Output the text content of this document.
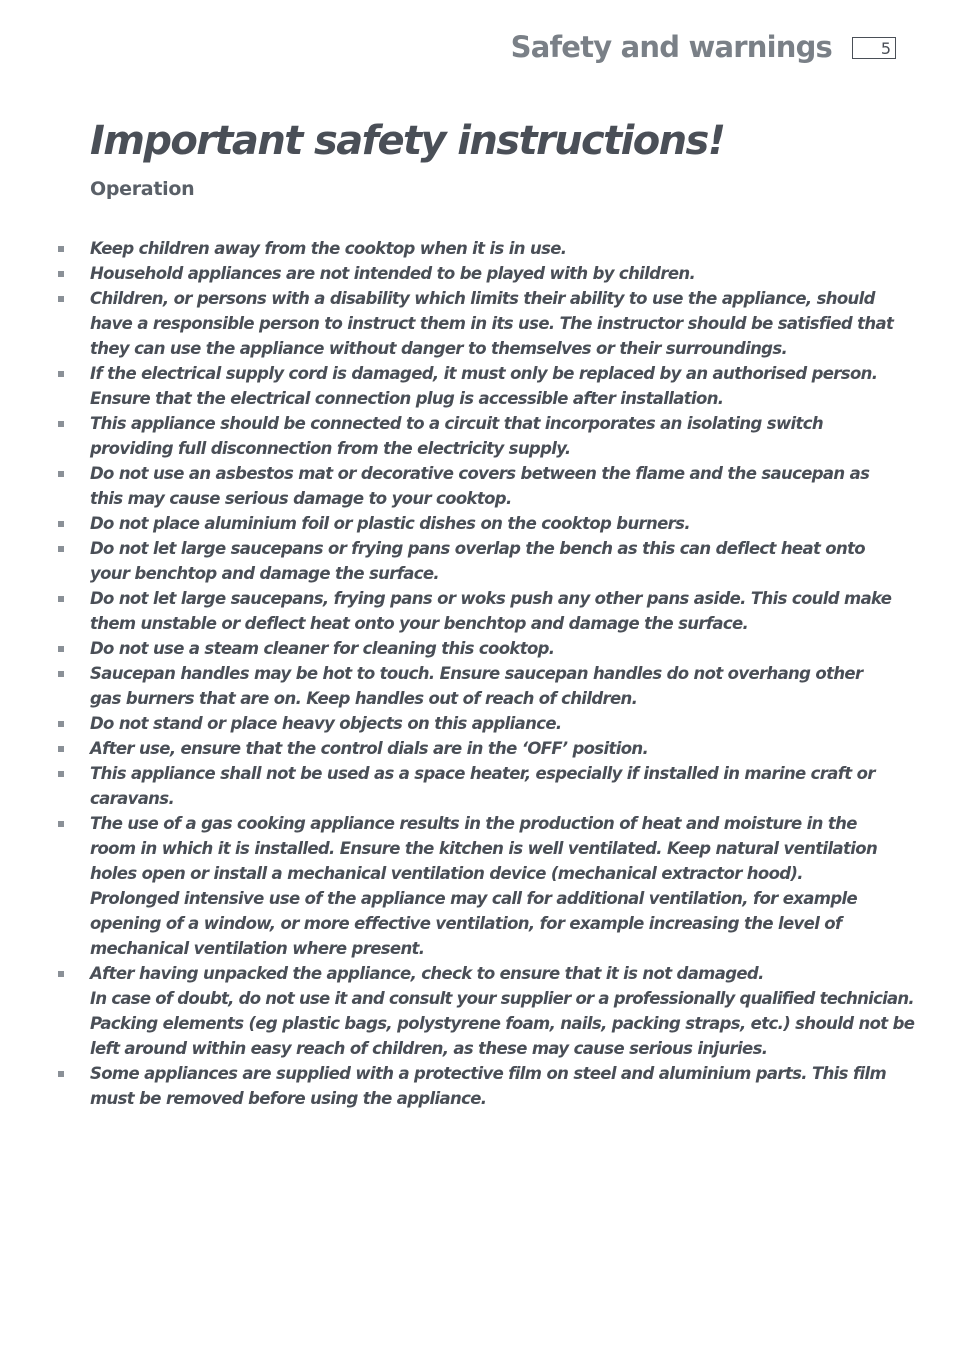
Safety and warnings	5
Important safety instructions!
Operation
Keep children away from the cooktop when it is in use.
Household appliances are not intended to be played with by children.
Children, or persons with a disability which limits their ability to use the appliance, should
have a responsible person to instruct them in its use. The instructor should be satisfied that
they can use the appliance without danger to themselves or their surroundings.
If the electrical supply cord is damaged, it must only be replaced by an authorised person.
Ensure that the electrical connection plug is accessible after installation.
This appliance should be connected to a circuit that incorporates an isolating switch
providing full disconnection from the electricity supply.
Do not use an asbestos mat or decorative covers between the flame and the saucepan as
this may cause serious damage to your cooktop.
Do not place aluminium foil or plastic dishes on the cooktop burners.
Do not let large saucepans or frying pans overlap the bench as this can deflect heat onto
your benchtop and damage the surface.
Do not let large saucepans, frying pans or woks push any other pans aside. This could make
them unstable or deflect heat onto your benchtop and damage the surface.
Do not use a steam cleaner for cleaning this cooktop.
Saucepan handles may be hot to touch. Ensure saucepan handles do not overhang other
gas burners that are on. Keep handles out of reach of children.
Do not stand or place heavy objects on this appliance.
After use, ensure that the control dials are in the ‘OFF’ position.
This appliance shall not be used as a space heater, especially if installed in marine craft or
caravans.
The use of a gas cooking appliance results in the production of heat and moisture in the
room in which it is installed. Ensure the kitchen is well ventilated. Keep natural ventilation
holes open or install a mechanical ventilation device (mechanical extractor hood).
Prolonged intensive use of the appliance may call for additional ventilation, for example
opening of a window, or more effective ventilation, for example increasing the level of
mechanical ventilation where present.
After having unpacked the appliance, check to ensure that it is not damaged.
In case of doubt, do not use it and consult your supplier or a professionally qualified technician.
Packing elements (eg plastic bags, polystyrene foam, nails, packing straps, etc.) should not be
left around within easy reach of children, as these may cause serious injuries.
Some appliances are supplied with a protective film on steel and aluminium parts. This film
must be removed before using the appliance.
